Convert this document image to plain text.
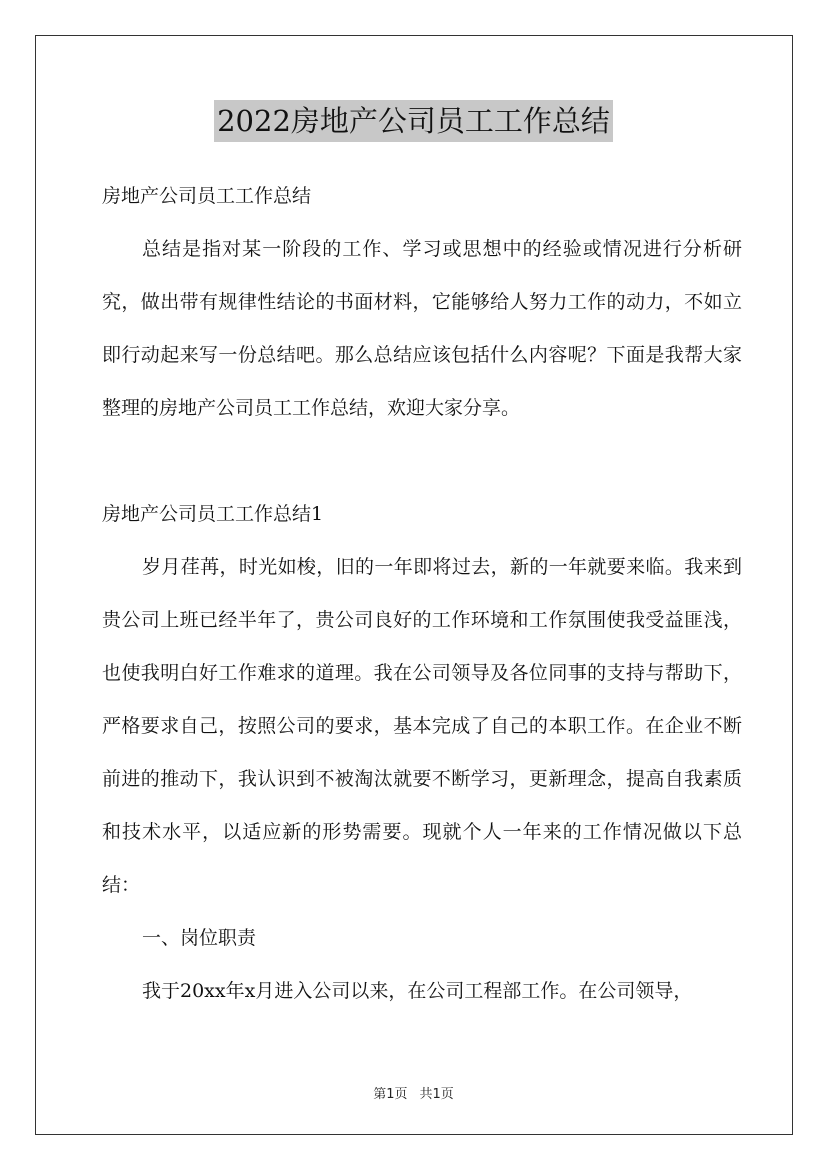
2022房地产公司员工工作总结

房地产公司员工工作总结

总结是指对某一阶段的工作、学习或思想中的经验或情况进行分析研究，做出带有规律性结论的书面材料，它能够给人努力工作的动力，不如立即行动起来写一份总结吧。那么总结应该包括什么内容呢？下面是我帮大家整理的房地产公司员工工作总结，欢迎大家分享。

房地产公司员工工作总结1

岁月荏苒，时光如梭，旧的一年即将过去，新的一年就要来临。我来到贵公司上班已经半年了，贵公司良好的工作环境和工作氛围使我受益匪浅，也使我明白好工作难求的道理。我在公司领导及各位同事的支持与帮助下，严格要求自己，按照公司的要求，基本完成了自己的本职工作。在企业不断前进的推动下，我认识到不被淘汰就要不断学习，更新理念，提高自我素质和技术水平，以适应新的形势需要。现就个人一年来的工作情况做以下总结：

一、岗位职责

我于20xx年x月进入公司以来，在公司工程部工作。在公司领导，

第1页 共1页
